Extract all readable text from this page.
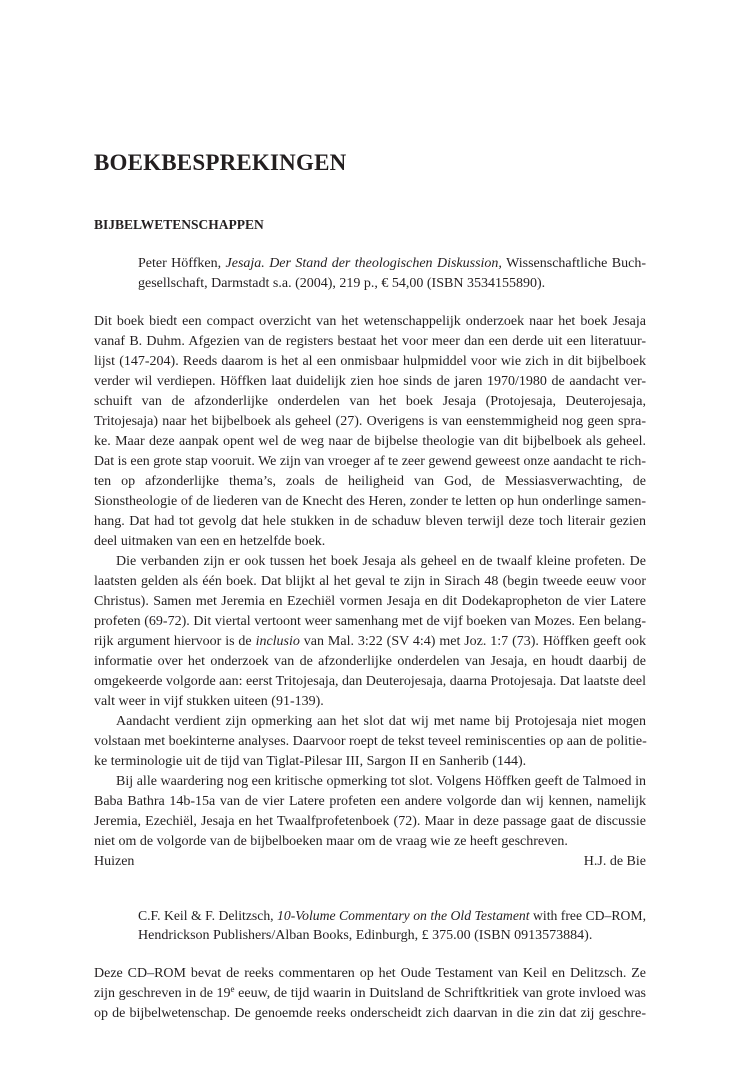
BOEKBESPREKINGEN
BIJBELWETENSCHAPPEN
Peter Höffken, Jesaja. Der Stand der theologischen Diskussion, Wissenschaftliche Buch-
gesellschaft, Darmstadt s.a. (2004), 219 p., € 54,00 (ISBN 3534155890).
Dit boek biedt een compact overzicht van het wetenschappelijk onderzoek naar het boek Jesaja
vanaf B. Duhm. Afgezien van de registers bestaat het voor meer dan een derde uit een literatuur-
lijst (147-204). Reeds daarom is het al een onmisbaar hulpmiddel voor wie zich in dit bijbelboek
verder wil verdiepen. Höffken laat duidelijk zien hoe sinds de jaren 1970/1980 de aandacht ver-
schuift van de afzonderlijke onderdelen van het boek Jesaja (Protojesaja, Deuterojesaja,
Tritojesaja) naar het bijbelboek als geheel (27). Overigens is van eenstemmigheid nog geen spra-
ke. Maar deze aanpak opent wel de weg naar de bijbelse theologie van dit bijbelboek als geheel.
Dat is een grote stap vooruit. We zijn van vroeger af te zeer gewend geweest onze aandacht te rich-
ten op afzonderlijke thema’s, zoals de heiligheid van God, de Messiasverwachting, de
Sionstheologie of de liederen van de Knecht des Heren, zonder te letten op hun onderlinge samen-
hang. Dat had tot gevolg dat hele stukken in de schaduw bleven terwijl deze toch literair gezien
deel uitmaken van een en hetzelfde boek.
Die verbanden zijn er ook tussen het boek Jesaja als geheel en de twaalf kleine profeten. De
laatsten gelden als één boek. Dat blijkt al het geval te zijn in Sirach 48 (begin tweede eeuw voor
Christus). Samen met Jeremia en Ezechiël vormen Jesaja en dit Dodekapropheton de vier Latere
profeten (69-72). Dit viertal vertoont weer samenhang met de vijf boeken van Mozes. Een belang-
rijk argument hiervoor is de inclusio van Mal. 3:22 (SV 4:4) met Joz. 1:7 (73). Höffken geeft ook
informatie over het onderzoek van de afzonderlijke onderdelen van Jesaja, en houdt daarbij de
omgekeerde volgorde aan: eerst Tritojesaja, dan Deuterojesaja, daarna Protojesaja. Dat laatste deel
valt weer in vijf stukken uiteen (91-139).
Aandacht verdient zijn opmerking aan het slot dat wij met name bij Protojesaja niet mogen
volstaan met boekinterne analyses. Daarvoor roept de tekst teveel reminiscenties op aan de politie-
ke terminologie uit de tijd van Tiglat-Pilesar III, Sargon II en Sanherib (144).
Bij alle waardering nog een kritische opmerking tot slot. Volgens Höffken geeft de Talmoed in
Baba Bathra 14b-15a van de vier Latere profeten een andere volgorde dan wij kennen, namelijk
Jeremia, Ezechiël, Jesaja en het Twaalfprofetenboek (72). Maar in deze passage gaat de discussie
niet om de volgorde van de bijbelboeken maar om de vraag wie ze heeft geschreven.
Huizen	H.J. de Bie
C.F. Keil & F. Delitzsch, 10-Volume Commentary on the Old Testament with free CD–ROM,
Hendrickson Publishers/Alban Books, Edinburgh, £ 375.00 (ISBN 0913573884).
Deze CD–ROM bevat de reeks commentaren op het Oude Testament van Keil en Delitzsch. Ze
zijn geschreven in de 19e eeuw, de tijd waarin in Duitsland de Schriftkritiek van grote invloed was
op de bijbelwetenschap. De genoemde reeks onderscheidt zich daarvan in die zin dat zij geschre-
